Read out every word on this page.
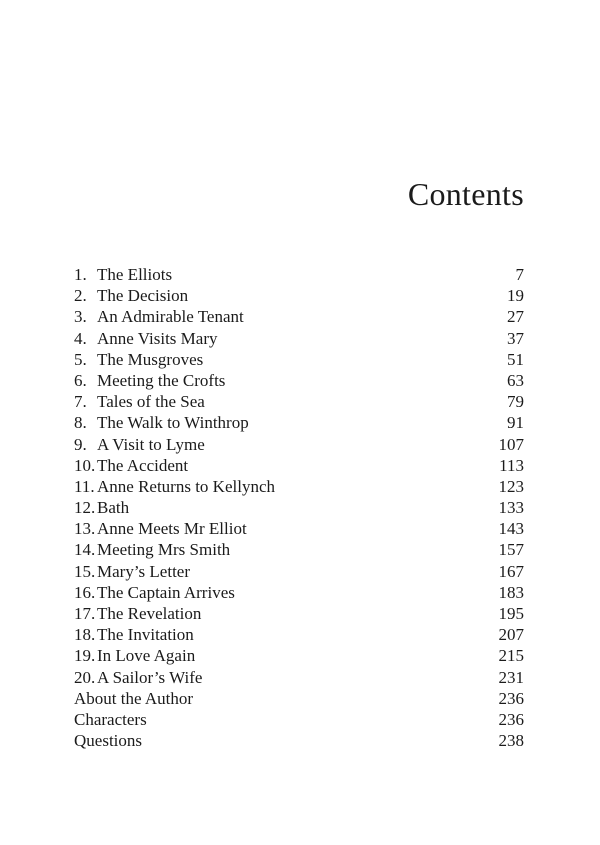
Contents
1. The Elliots	7
2. The Decision	19
3. An Admirable Tenant	27
4. Anne Visits Mary	37
5. The Musgroves	51
6. Meeting the Crofts	63
7. Tales of the Sea	79
8. The Walk to Winthrop	91
9. A Visit to Lyme	107
10. The Accident	113
11. Anne Returns to Kellynch	123
12. Bath	133
13. Anne Meets Mr Elliot	143
14. Meeting Mrs Smith	157
15. Mary’s Letter	167
16. The Captain Arrives	183
17. The Revelation	195
18. The Invitation	207
19. In Love Again	215
20. A Sailor’s Wife	231
About the Author	236
Characters	236
Questions	238
